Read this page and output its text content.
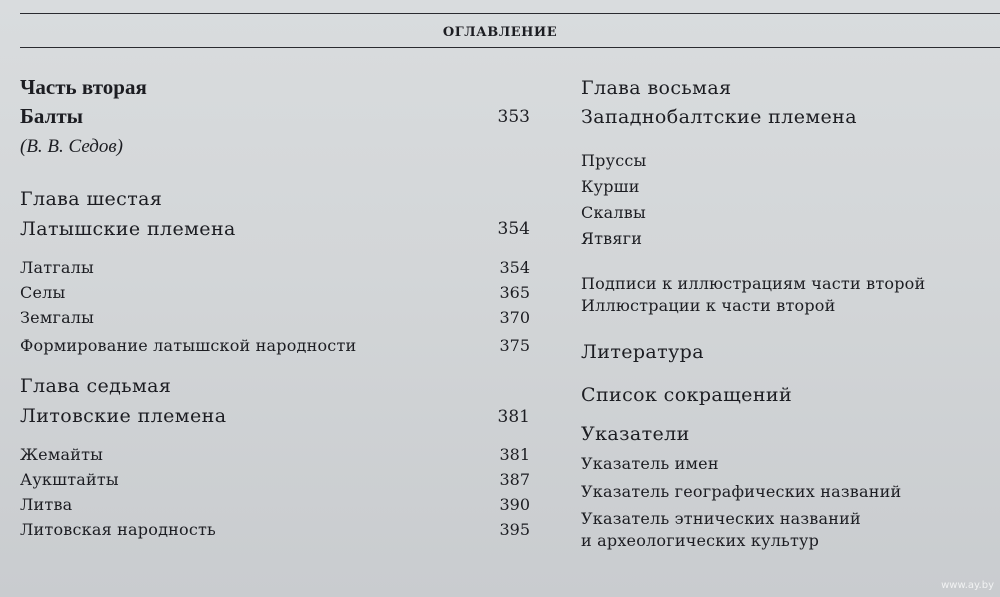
ОГЛАВЛЕНИЕ
Часть вторая
Балты	353
(В. В. Седов)
Глава шестая
Латышские племена	354
Латгалы	354
Селы	365
Земгалы	370
Формирование латышской народности	375
Глава седьмая
Литовские племена	381
Жемайты	381
Аукштайты	387
Литва	390
Литовская народность	395
Глава восьмая
Западнобалтские племена
Пруссы
Курши
Скалвы
Ятвяги
Подписи к иллюстрациям части второй
Иллюстрации к части второй
Литература
Список сокращений
Указатели
Указатель имен
Указатель географических названий
Указатель этнических названий
и археологических культур
www.ay.by
